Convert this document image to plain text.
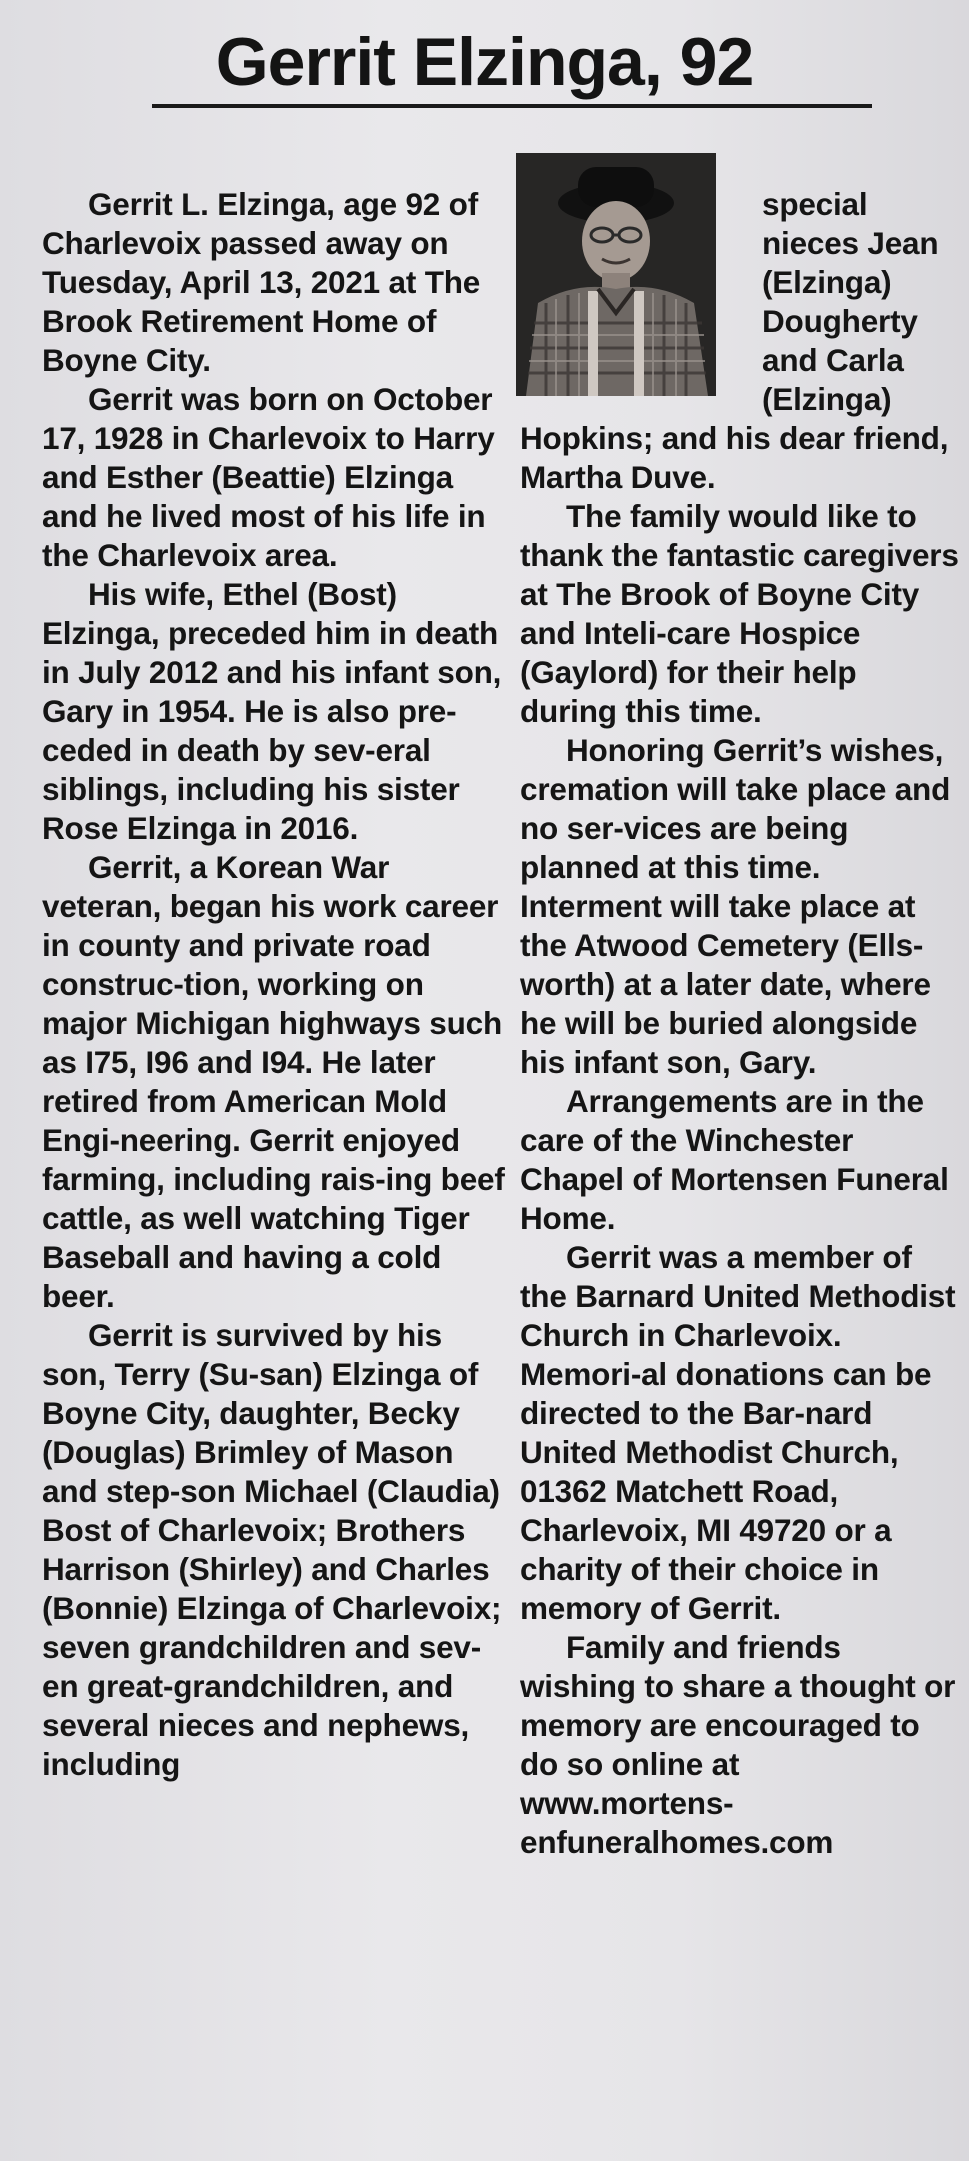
Gerrit Elzinga, 92

Gerrit L. Elzinga, age 92 of Charlevoix passed away on Tuesday, April 13, 2021 at The Brook Retirement Home of Boyne City.

Gerrit was born on October 17, 1928 in Charlevoix to Harry and Esther (Beattie) Elzinga and he lived most of his life in the Charlevoix area.

His wife, Ethel (Bost) Elzinga, preceded him in death in July 2012 and his infant son, Gary in 1954. He is also pre-ceded in death by sev-eral siblings, including his sister Rose Elzinga in 2016.

Gerrit, a Korean War veteran, began his work career in county and private road construc-tion, working on major Michigan highways such as I75, I96 and I94. He later retired from American Mold Engi-neering. Gerrit enjoyed farming, including rais-ing beef cattle, as well watching Tiger Baseball and having a cold beer.

Gerrit is survived by his son, Terry (Su-san) Elzinga of Boyne City, daughter, Becky (Douglas) Brimley of Mason and step-son Michael (Claudia) Bost of Charlevoix; Brothers Harrison (Shirley) and Charles (Bonnie) Elzinga of Charlevoix; seven grandchildren and sev-en great-grandchildren, and several nieces and nephews, including

special nieces Jean (Elzinga) Dougherty and Carla (Elzinga) Hopkins; and his dear friend, Martha Duve.

The family would like to thank the fantastic caregivers at The Brook of Boyne City and Inteli-care Hospice (Gaylord) for their help during this time.

Honoring Gerrit’s wishes, cremation will take place and no ser-vices are being planned at this time. Interment will take place at the Atwood Cemetery (Ells-worth) at a later date, where he will be buried alongside his infant son, Gary.

Arrangements are in the care of the Winchester Chapel of Mortensen Funeral Home.

Gerrit was a member of the Barnard United Methodist Church in Charlevoix. Memori-al donations can be directed to the Bar-nard United Methodist Church, 01362 Matchett Road, Charlevoix, MI 49720 or a charity of their choice in memory of Gerrit.

Family and friends wishing to share a thought or memory are encouraged to do so online at www.mortens-enfuneralhomes.com
